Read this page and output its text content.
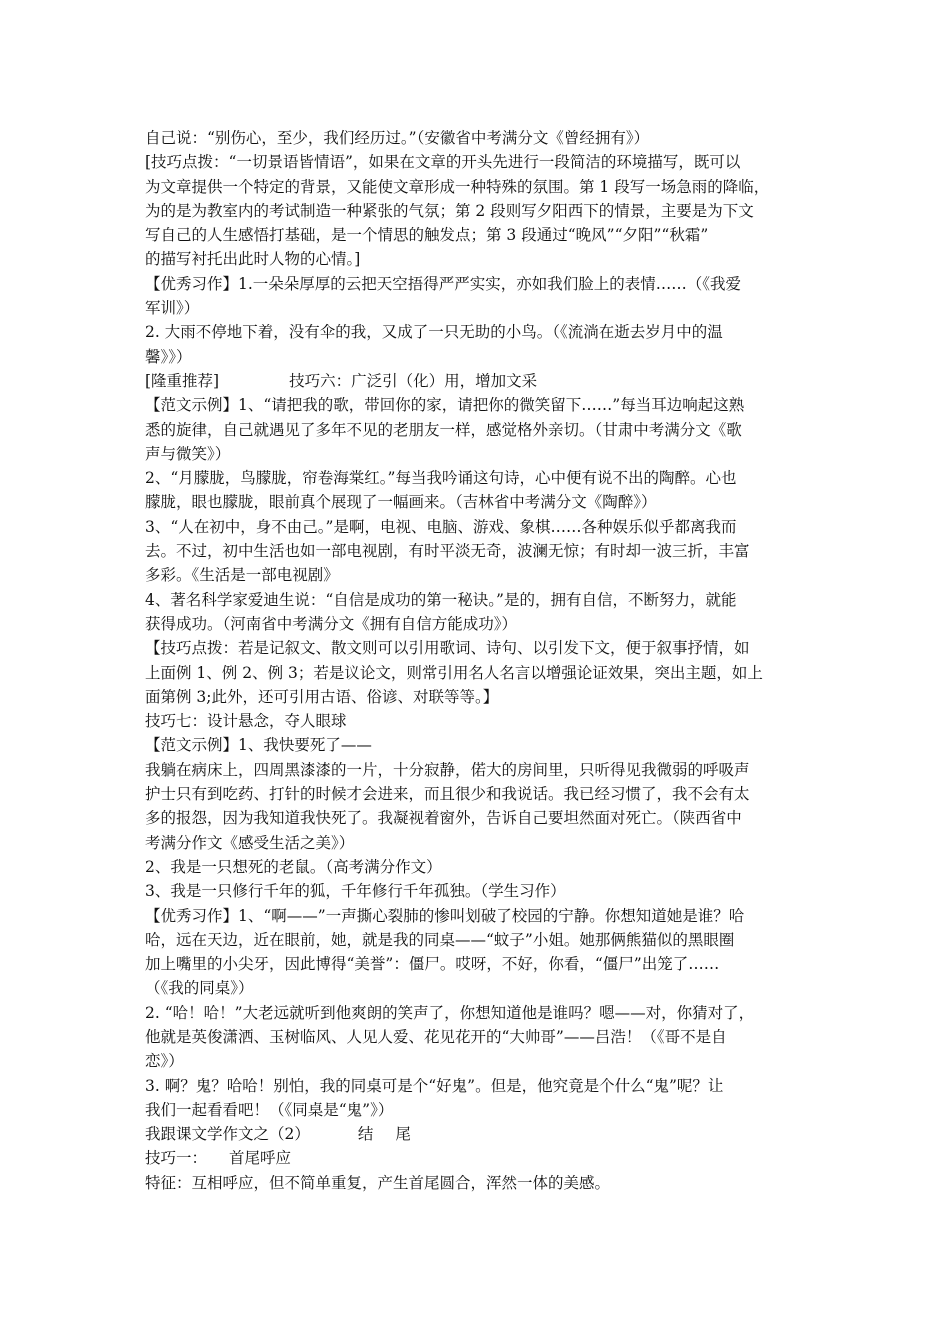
自己说：“别伤心，至少，我们经历过。”（安徽省中考满分文《曾经拥有》）
[技巧点拨：“一切景语皆情语”，如果在文章的开头先进行一段简洁的环境描写，既可以
为文章提供一个特定的背景，又能使文章形成一种特殊的氛围。第 1 段写一场急雨的降临，
为的是为教室内的考试制造一种紧张的气氛；第 2 段则写夕阳西下的情景，主要是为下文
写自己的人生感悟打基础，是一个情思的触发点；第 3 段通过“晚风”“夕阳”“秋霜”
的描写衬托出此时人物的心情。]
【优秀习作】1.一朵朵厚厚的云把天空捂得严严实实，亦如我们脸上的表情……（《我爱
军训》）
2. 大雨不停地下着，没有伞的我，又成了一只无助的小鸟。（《流淌在逝去岁月中的温
馨》》）
[隆重推荐]	技巧六：广泛引（化）用，增加文采
【范文示例】1、“请把我的歌，带回你的家，请把你的微笑留下……”每当耳边响起这熟
悉的旋律，自己就遇见了多年不见的老朋友一样，感觉格外亲切。（甘肃中考满分文《歌
声与微笑》）
2、“月朦胧，鸟朦胧，帘卷海棠红。”每当我吟诵这句诗，心中便有说不出的陶醉。心也
朦胧，眼也朦胧，眼前真个展现了一幅画来。（吉林省中考满分文《陶醉》）
3、“人在初中，身不由己。”是啊，电视、电脑、游戏、象棋……各种娱乐似乎都离我而
去。不过，初中生活也如一部电视剧，有时平淡无奇，波澜无惊；有时却一波三折，丰富
多彩。《生活是一部电视剧》
4、著名科学家爱迪生说：“自信是成功的第一秘诀。”是的，拥有自信，不断努力，就能
获得成功。（河南省中考满分文《拥有自信方能成功》）
【技巧点拨：若是记叙文、散文则可以引用歌词、诗句、以引发下文，便于叙事抒情，如
上面例 1、例 2、例 3；若是议论文，则常引用名人名言以增强论证效果，突出主题，如上
面第例 3;此外，还可引用古语、俗谚、对联等等。】
技巧七：设计悬念，夺人眼球
【范文示例】1、我快要死了——
我躺在病床上，四周黑漆漆的一片，十分寂静，偌大的房间里，只听得见我微弱的呼吸声
护士只有到吃药、打针的时候才会进来，而且很少和我说话。我已经习惯了，我不会有太
多的报怨，因为我知道我快死了。我凝视着窗外，告诉自己要坦然面对死亡。（陕西省中
考满分作文《感受生活之美》）
2、我是一只想死的老鼠。（高考满分作文）
3、我是一只修行千年的狐，千年修行千年孤独。（学生习作）
【优秀习作】1、“啊——”一声撕心裂肺的惨叫划破了校园的宁静。你想知道她是谁？哈
哈，远在天边，近在眼前，她，就是我的同桌——“蚊子”小姐。她那俩熊猫似的黑眼圈
加上嘴里的小尖牙，因此博得“美誉”：僵尸。哎呀，不好，你看，“僵尸”出笼了……
（《我的同桌》）
2. “哈！哈！”大老远就听到他爽朗的笑声了，你想知道他是谁吗？嗯——对，你猜对了，
他就是英俊潇洒、玉树临风、人见人爱、花见花开的“大帅哥”——吕浩！（《哥不是自
恋》）
3. 啊？鬼？哈哈！别怕，我的同桌可是个“好鬼”。但是，他究竟是个什么“鬼”呢？让
我们一起看看吧！（《同桌是“鬼”》）
我跟课文学作文之（2）	结 尾
技巧一： 首尾呼应
特征：互相呼应，但不简单重复，产生首尾圆合，浑然一体的美感。
